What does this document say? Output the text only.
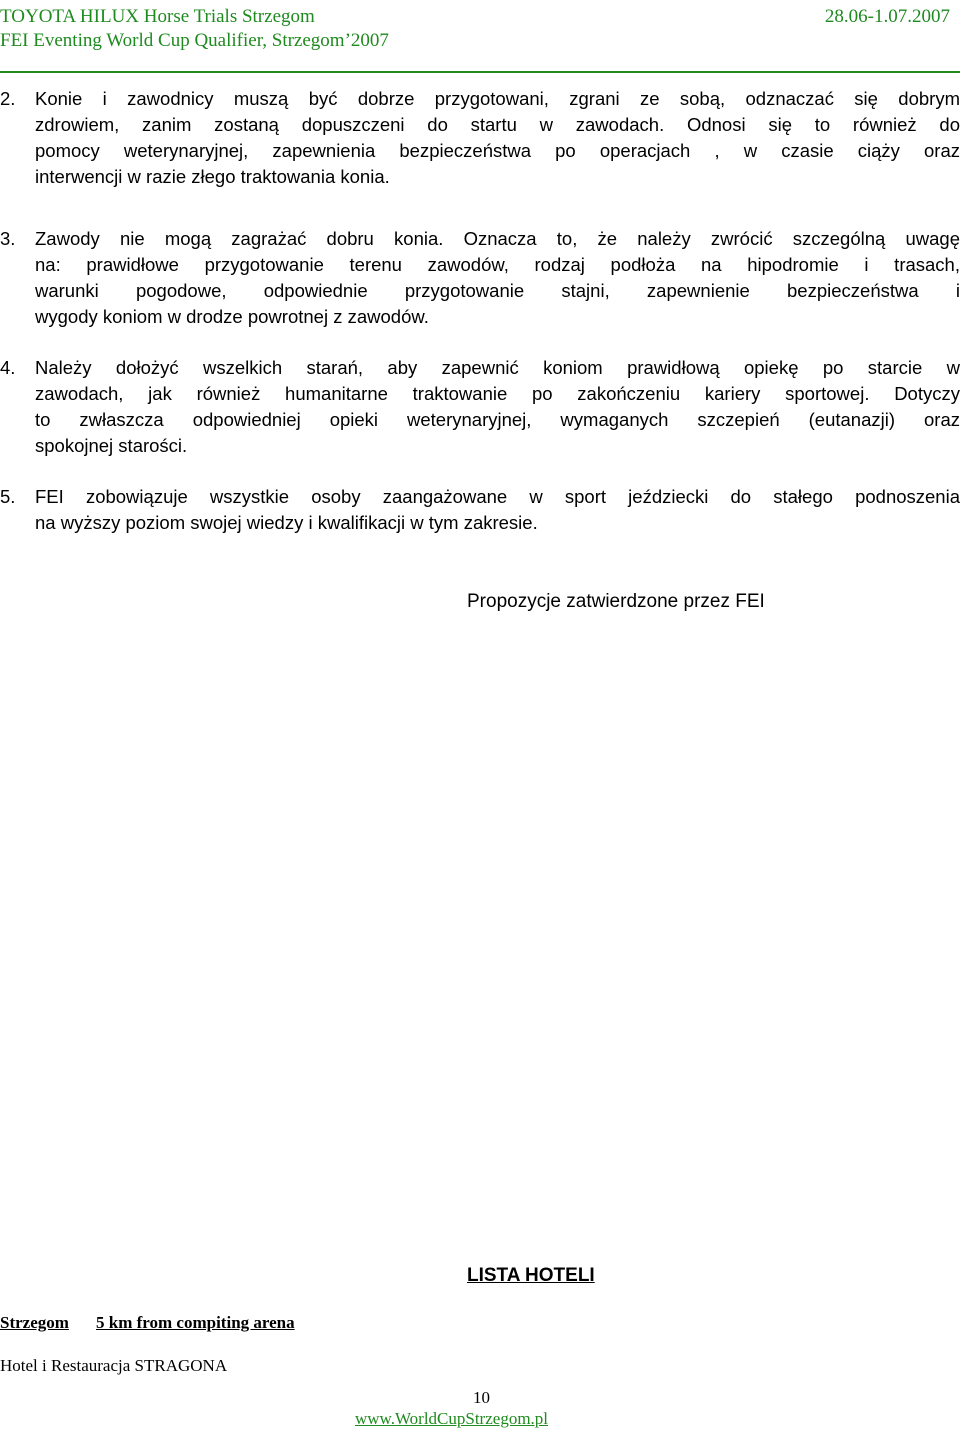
TOYOTA HILUX Horse Trials Strzegom	28.06-1.07.2007
FEI Eventing World Cup Qualifier, Strzegom’2007
2. Konie i zawodnicy muszą być dobrze przygotowani, zgrani ze sobą, odznaczać się dobrym
zdrowiem, zanim zostaną dopuszczeni do startu w zawodach. Odnosi się to również do
pomocy weterynaryjnej, zapewnienia bezpieczeństwa po operacjach , w czasie ciąży oraz
interwencji w razie złego traktowania konia.
3. Zawody nie mogą zagrażać dobru konia. Oznacza to, że należy zwrócić szczególną uwagę
na: prawidłowe przygotowanie terenu zawodów, rodzaj podłoża na hipodromie i trasach,
warunki pogodowe, odpowiednie przygotowanie stajni, zapewnienie bezpieczeństwa i
wygody koniom w drodze powrotnej z zawodów.
4. Należy dołożyć wszelkich starań, aby zapewnić koniom prawidłową opiekę po starcie w
zawodach, jak również humanitarne traktowanie po zakończeniu kariery sportowej. Dotyczy
to zwłaszcza odpowiedniej opieki weterynaryjnej, wymaganych szczepień (eutanazji) oraz
spokojnej starości.
5. FEI zobowiązuje wszystkie osoby zaangażowane w sport jeździecki do stałego podnoszenia
na wyższy poziom swojej wiedzy i kwalifikacji w tym zakresie.
Propozycje zatwierdzone przez FEI
LISTA HOTELI
Strzegom 5 km from compiting arena
Hotel i Restauracja STRAGONA
10
www.WorldCupStrzegom.pl
